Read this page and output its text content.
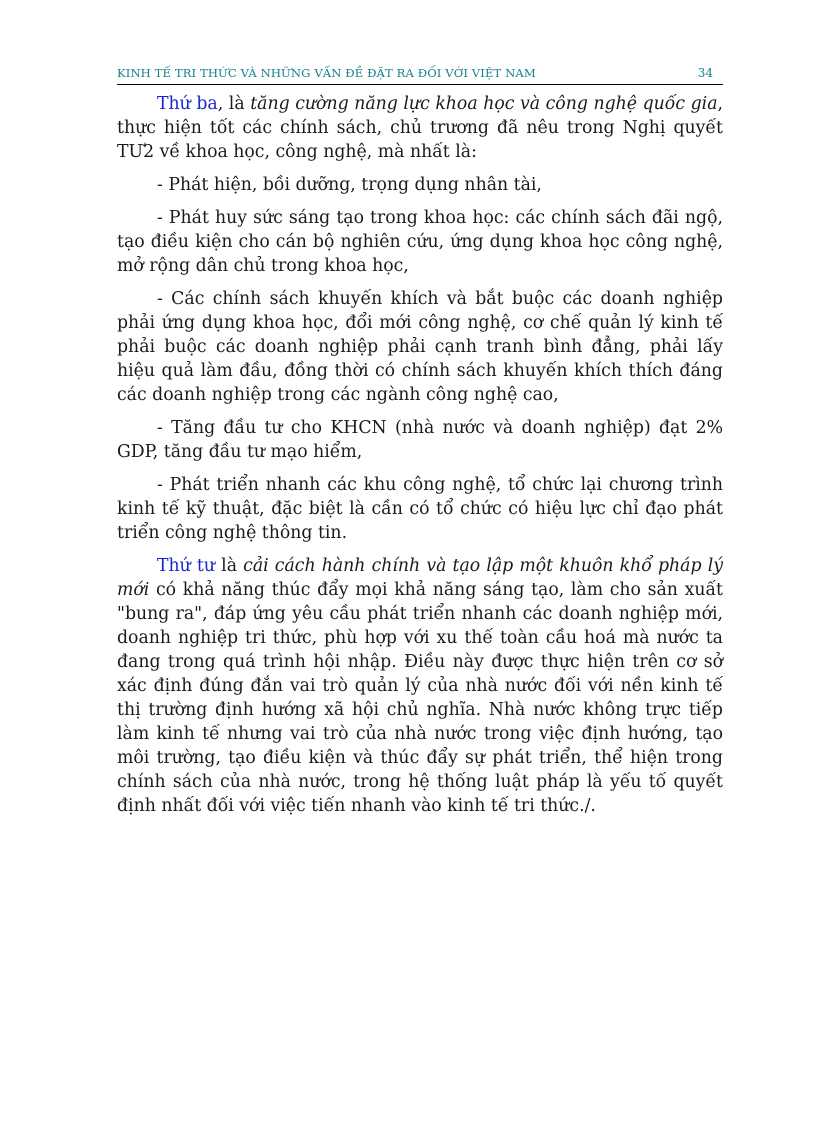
KINH TẾ TRI THỨC VÀ NHỮNG VẤN ĐỀ ĐẶT RA ĐỐI VỚI VIỆT NAM	34

Thứ ba, là tăng cường năng lực khoa học và công nghệ quốc gia, thực hiện tốt các chính sách, chủ trương đã nêu trong Nghị quyết TƯ2 về khoa học, công nghệ, mà nhất là:

- Phát hiện, bồi dưỡng, trọng dụng nhân tài,

- Phát huy sức sáng tạo trong khoa học: các chính sách đãi ngộ, tạo điều kiện cho cán bộ nghiên cứu, ứng dụng khoa học công nghệ, mở rộng dân chủ trong khoa học,

- Các chính sách khuyến khích và bắt buộc các doanh nghiệp phải ứng dụng khoa học, đổi mới công nghệ, cơ chế quản lý kinh tế phải buộc các doanh nghiệp phải cạnh tranh bình đẳng, phải lấy hiệu quả làm đầu, đồng thời có chính sách khuyến khích thích đáng các doanh nghiệp trong các ngành công nghệ cao,

- Tăng đầu tư cho KHCN (nhà nước và doanh nghiệp) đạt 2% GDP, tăng đầu tư mạo hiểm,

- Phát triển nhanh các khu công nghệ, tổ chức lại chương trình kinh tế kỹ thuật, đặc biệt là cần có tổ chức có hiệu lực chỉ đạo phát triển công nghệ thông tin.

Thứ tư là cải cách hành chính và tạo lập một khuôn khổ pháp lý mới có khả năng thúc đẩy mọi khả năng sáng tạo, làm cho sản xuất "bung ra", đáp ứng yêu cầu phát triển nhanh các doanh nghiệp mới, doanh nghiệp tri thức, phù hợp với xu thế toàn cầu hoá mà nước ta đang trong quá trình hội nhập. Điều này được thực hiện trên cơ sở xác định đúng đắn vai trò quản lý của nhà nước đối với nền kinh tế thị trường định hướng xã hội chủ nghĩa. Nhà nước không trực tiếp làm kinh tế nhưng vai trò của nhà nước trong việc định hướng, tạo môi trường, tạo điều kiện và thúc đẩy sự phát triển, thể hiện trong chính sách của nhà nước, trong hệ thống luật pháp là yếu tố quyết định nhất đối với việc tiến nhanh vào kinh tế tri thức./.
